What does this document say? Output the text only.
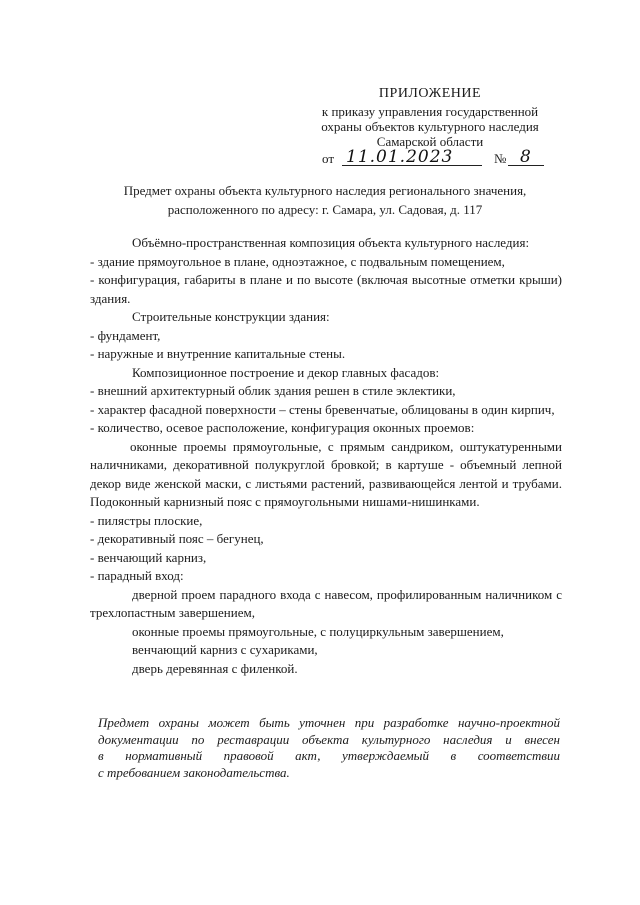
ПРИЛОЖЕНИЕ
к приказу управления государственной
охраны объектов культурного наследия
Самарской области
от 11.01.2023	№ 8
Предмет охраны объекта культурного наследия регионального значения,
расположенного по адресу: г. Самара, ул. Садовая, д. 117

Объёмно-пространственная композиция объекта культурного наследия:

- здание прямоугольное в плане, одноэтажное, с подвальным помещением,

- конфигурация, габариты в плане и по высоте (включая высотные отметки крыши) здания.

Строительные конструкции здания:

- фундамент,

- наружные и внутренние капитальные стены.

Композиционное построение и декор главных фасадов:

- внешний архитектурный облик здания решен в стиле эклектики,

- характер фасадной поверхности – стены бревенчатые, облицованы в один кирпич,

- количество, осевое расположение, конфигурация оконных проемов:

оконные проемы прямоугольные, с прямым сандриком, оштукатуренными наличниками, декоративной полукруглой бровкой; в картуше - объемный лепной декор виде женской маски, с листьями растений, развивающейся лентой и трубами. Подоконный карнизный пояс с прямоугольными нишами-нишинками.

- пилястры плоские,

- декоративный пояс – бегунец,

- венчающий карниз,

- парадный вход:

дверной проем парадного входа с навесом, профилированным наличником с трехлопастным завершением,

оконные проемы прямоугольные, с полуциркульным завершением,

венчающий карниз с сухариками,

дверь деревянная с филенкой.

Предмет охраны может быть уточнен при разработке научно-проектной
документации по реставрации объекта культурного наследия и внесен
в нормативный правовой акт, утверждаемый в соответствии
с требованием законодательства.
